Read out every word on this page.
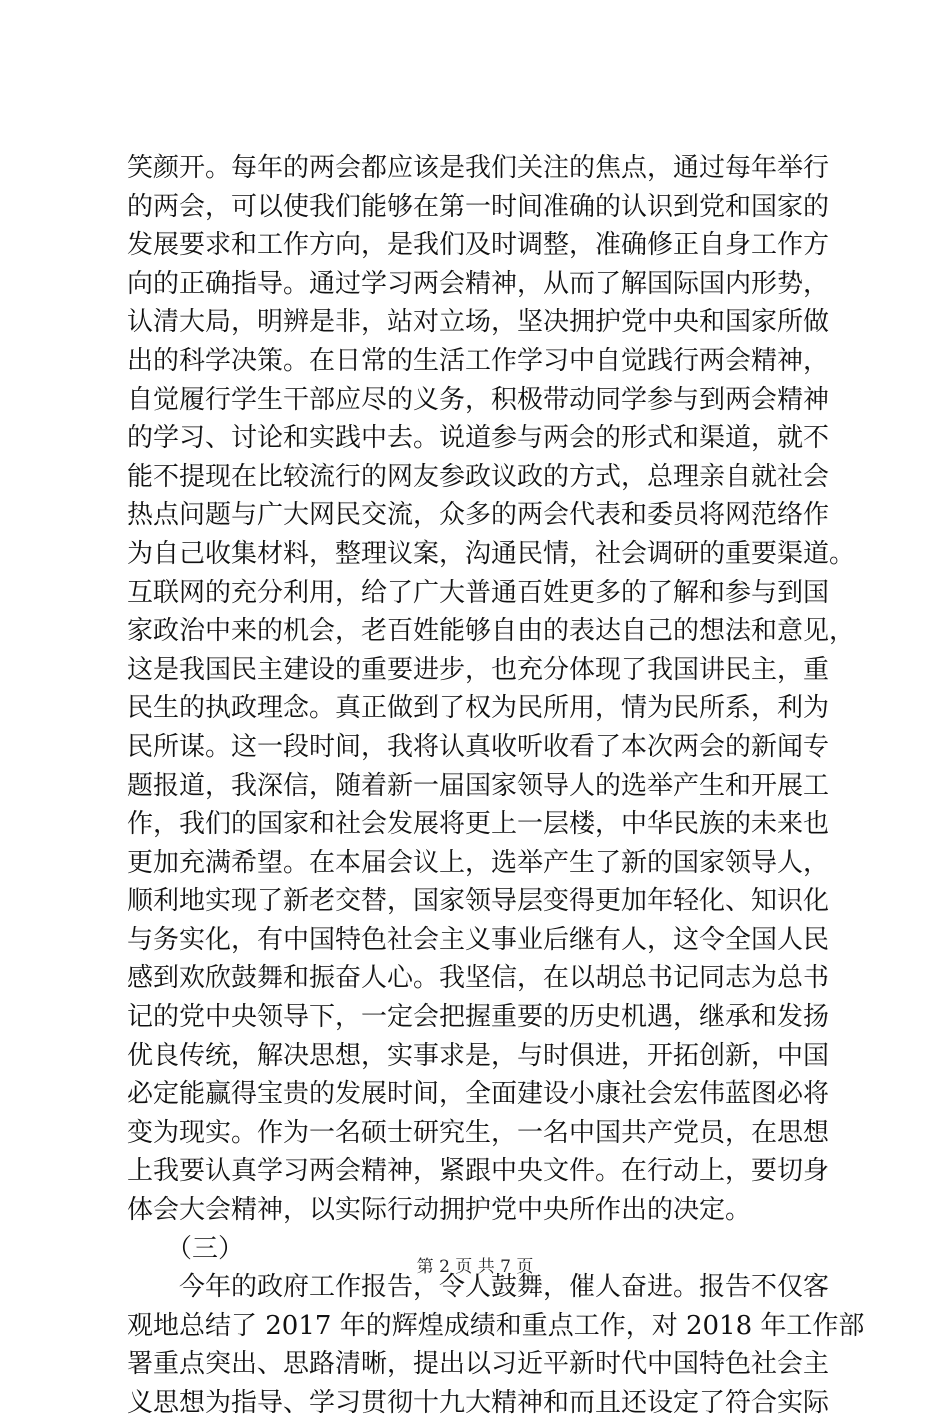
笑颜开。每年的两会都应该是我们关注的焦点，通过每年举行
的两会，可以使我们能够在第一时间准确的认识到党和国家的
发展要求和工作方向，是我们及时调整，准确修正自身工作方
向的正确指导。通过学习两会精神，从而了解国际国内形势，
认清大局，明辨是非，站对立场，坚决拥护党中央和国家所做
出的科学决策。在日常的生活工作学习中自觉践行两会精神，
自觉履行学生干部应尽的义务，积极带动同学参与到两会精神
的学习、讨论和实践中去。说道参与两会的形式和渠道，就不
能不提现在比较流行的网友参政议政的方式，总理亲自就社会
热点问题与广大网民交流，众多的两会代表和委员将网范络作
为自己收集材料，整理议案，沟通民情，社会调研的重要渠道。
互联网的充分利用，给了广大普通百姓更多的了解和参与到国
家政治中来的机会，老百姓能够自由的表达自己的想法和意见，
这是我国民主建设的重要进步，也充分体现了我国讲民主，重
民生的执政理念。真正做到了权为民所用，情为民所系，利为
民所谋。这一段时间，我将认真收听收看了本次两会的新闻专
题报道，我深信，随着新一届国家领导人的选举产生和开展工
作，我们的国家和社会发展将更上一层楼，中华民族的未来也
更加充满希望。在本届会议上，选举产生了新的国家领导人，
顺利地实现了新老交替，国家领导层变得更加年轻化、知识化
与务实化，有中国特色社会主义事业后继有人，这令全国人民
感到欢欣鼓舞和振奋人心。我坚信，在以胡总书记同志为总书
记的党中央领导下，一定会把握重要的历史机遇，继承和发扬
优良传统，解决思想，实事求是，与时俱进，开拓创新，中国
必定能赢得宝贵的发展时间，全面建设小康社会宏伟蓝图必将
变为现实。作为一名硕士研究生，一名中国共产党员，在思想
上我要认真学习两会精神，紧跟中央文件。在行动上，要切身
体会大会精神，以实际行动拥护党中央所作出的决定。
　　（三）
　　今年的政府工作报告，令人鼓舞，催人奋进。报告不仅客
观地总结了 2017 年的辉煌成绩和重点工作，对 2018 年工作部
署重点突出、思路清晰，提出以习近平新时代中国特色社会主
义思想为指导、学习贯彻十九大精神和而且还设定了符合实际
第 2 页 共 7 页
